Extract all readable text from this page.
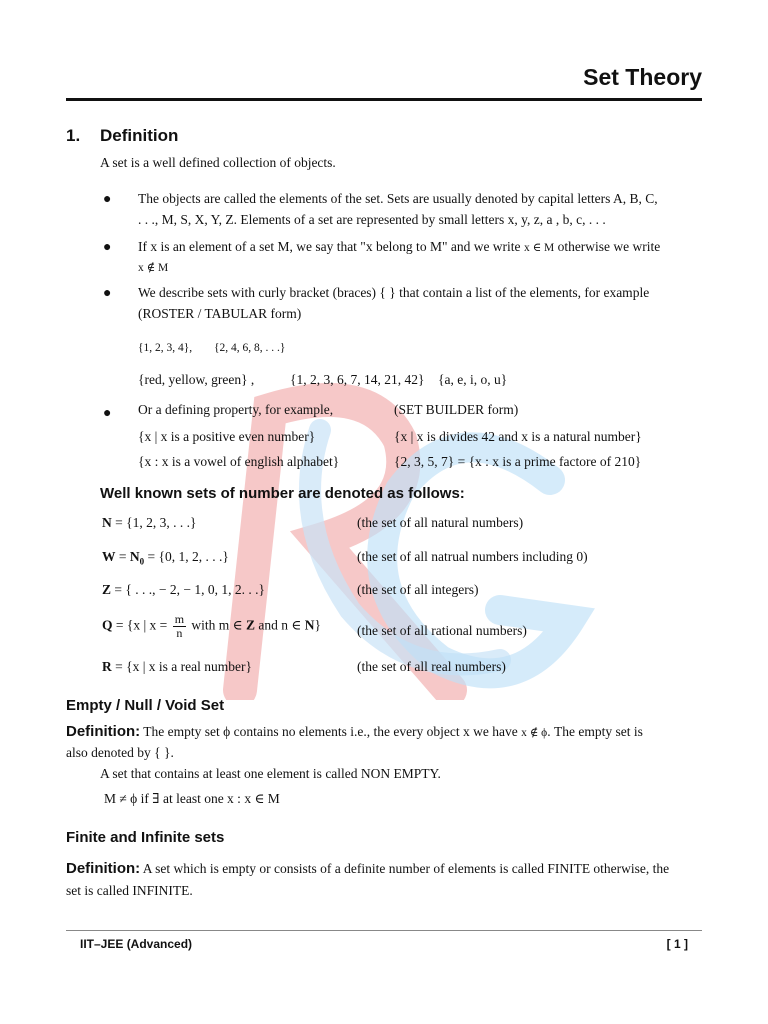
Set Theory
1. Definition
A set is a well defined collection of objects.
● The objects are called the elements of the set. Sets are usually denoted by capital letters A, B, C,
. . ., M, S, X, Y, Z. Elements of a set are represented by small letters x, y, z, a , b, c, . . .
● If x is an element of a set M, we say that "x belong to M" and we write x ∈ M otherwise we write
x ∉ M
● We describe sets with curly bracket (braces) { } that contain a list of the elements, for example
(ROSTER / TABULAR form)
{1, 2, 3, 4}, {2, 4, 6, 8, . . .}
{red, yellow, green} ,	{1, 2, 3, 6, 7, 14, 21, 42} {a, e, i, o, u}
● Or a defining property, for example,	(SET BUILDER form)
{x | x is a positive even number}	{x | x is divides 42 and x is a natural number}
{x : x is a vowel of english alphabet}	{2, 3, 5, 7} = {x : x is a prime factore of 210}
Well known sets of number are denoted as follows:
N = {1, 2, 3, . . .}	(the set of all natural numbers)
$W = N_0 = \{0$, 1, 2, . . .}	(the set of all natrual numbers including 0)
Z = { . . ., − 2, − 1, 0, 1, 2. . .}	(the set of all integers)
Q = {x | $x = \frac{m}{n}$ with m ∈ Z and n ∈ N}	(the set of all rational numbers)
R = {x | x is a real number}	(the set of all real numbers)
Empty / Null / Void Set
Definition: The empty set ϕ contains no elements i.e., the every object x we have x ∉ ϕ. The empty set is
also denoted by { }.
A set that contains at least one element is called NON EMPTY.
M ≠ ϕ if ∃ at least one x : x ∈ M
Finite and Infinite sets
Definition: A set which is empty or consists of a definite number of elements is called FINITE otherwise, the
set is called INFINITE.
IIT–JEE (Advanced)	[ 1 ]
